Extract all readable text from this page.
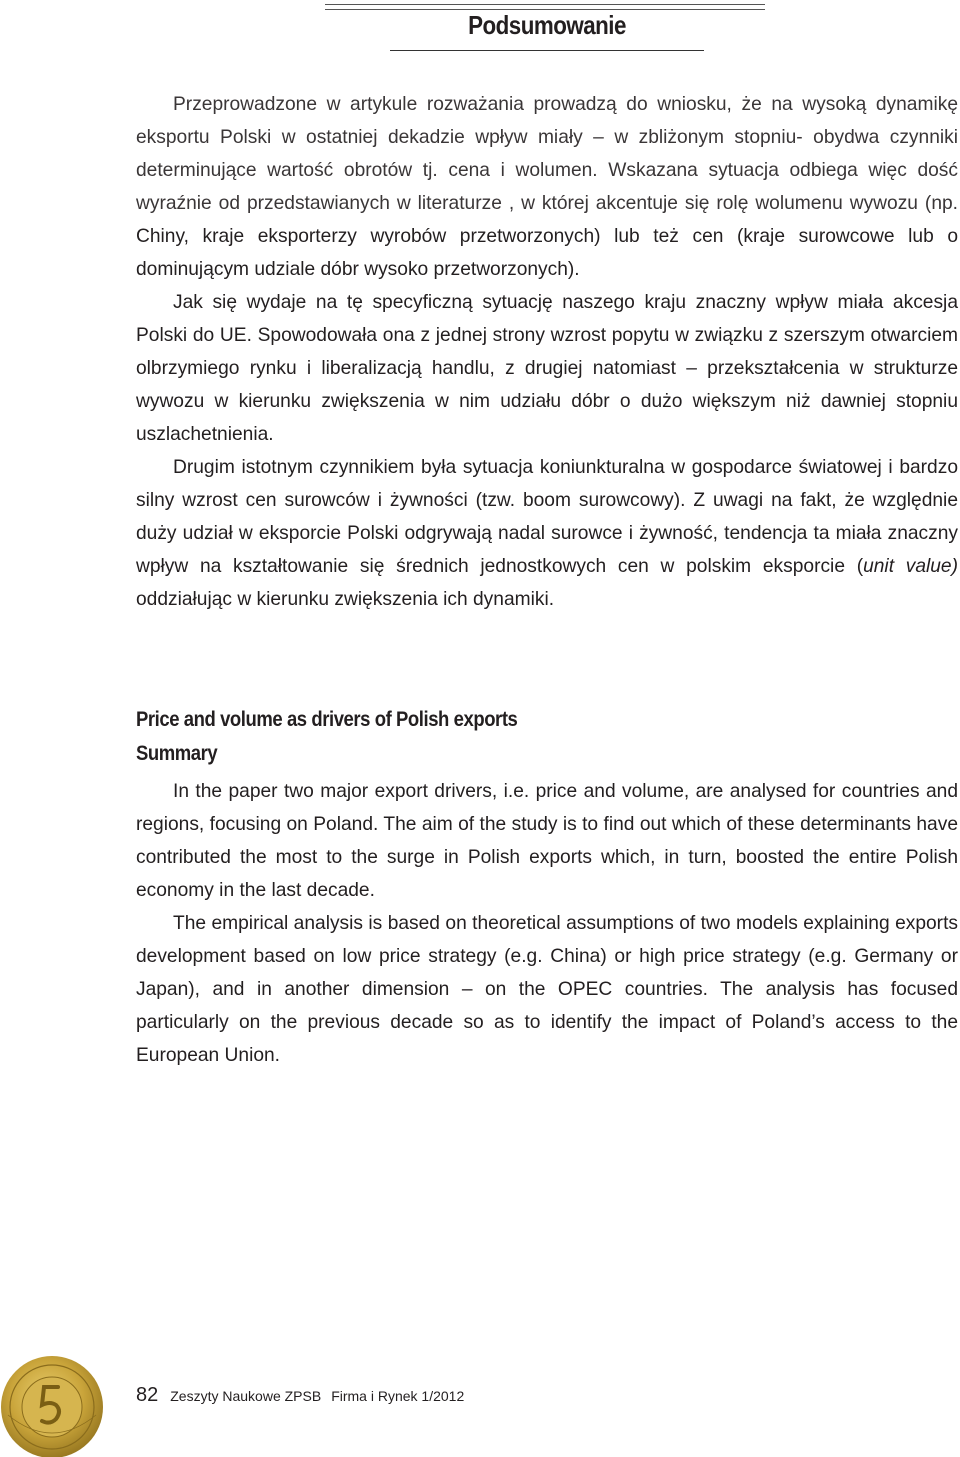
Podsumowanie

Przeprowadzone w artykule rozważania prowadzą do wniosku, że na wysoką dynamikę eksportu Polski w ostatniej dekadzie wpływ miały – w zbliżonym stopniu- obydwa czynniki determinujące wartość obrotów tj. cena i wolumen. Wskazana sytuacja odbiega więc dość wyraźnie od przedstawianych w literaturze , w której akcentuje się rolę wolumenu wywozu (np. Chiny, kraje eksporterzy wyrobów przetworzonych) lub też cen (kraje surowcowe lub o dominującym udziale dóbr wysoko przetworzonych).

Jak się wydaje na tę specyficzną sytuację naszego kraju znaczny wpływ miała akcesja Polski do UE. Spowodowała ona z jednej strony wzrost popytu w związku z szerszym otwarciem olbrzymiego rynku i liberalizacją handlu, z drugiej natomiast – przekształcenia w strukturze wywozu w kierunku zwiększenia w nim udziału dóbr o dużo większym niż dawniej stopniu uszlachetnienia.

Drugim istotnym czynnikiem była sytuacja koniunkturalna w gospodarce światowej i bardzo silny wzrost cen surowców i żywności (tzw. boom surowcowy). Z uwagi na fakt, że względnie duży udział w eksporcie Polski odgrywają nadal surowce i żywność, tendencja ta miała znaczny wpływ na kształtowanie się średnich jednostkowych cen w polskim eksporcie (unit value) oddziałując w kierunku zwiększenia ich dynamiki.

Price and volume as drivers of Polish exports
Summary

In the paper two major export drivers, i.e. price and volume, are analysed for countries and regions, focusing on Poland. The aim of the study is to find out which of these determinants have contributed the most to the surge in Polish exports which, in turn, boosted the entire Polish economy in the last decade.

The empirical analysis is based on theoretical assumptions of two models explaining exports development based on low price strategy (e.g. China) or high price strategy (e.g. Germany or Japan), and in another dimension – on the OPEC countries. The analysis has focused particularly on the previous decade so as to identify the impact of Poland’s access to the European Union.

82 Zeszyty Naukowe ZPSB Firma i Rynek 1/2012
